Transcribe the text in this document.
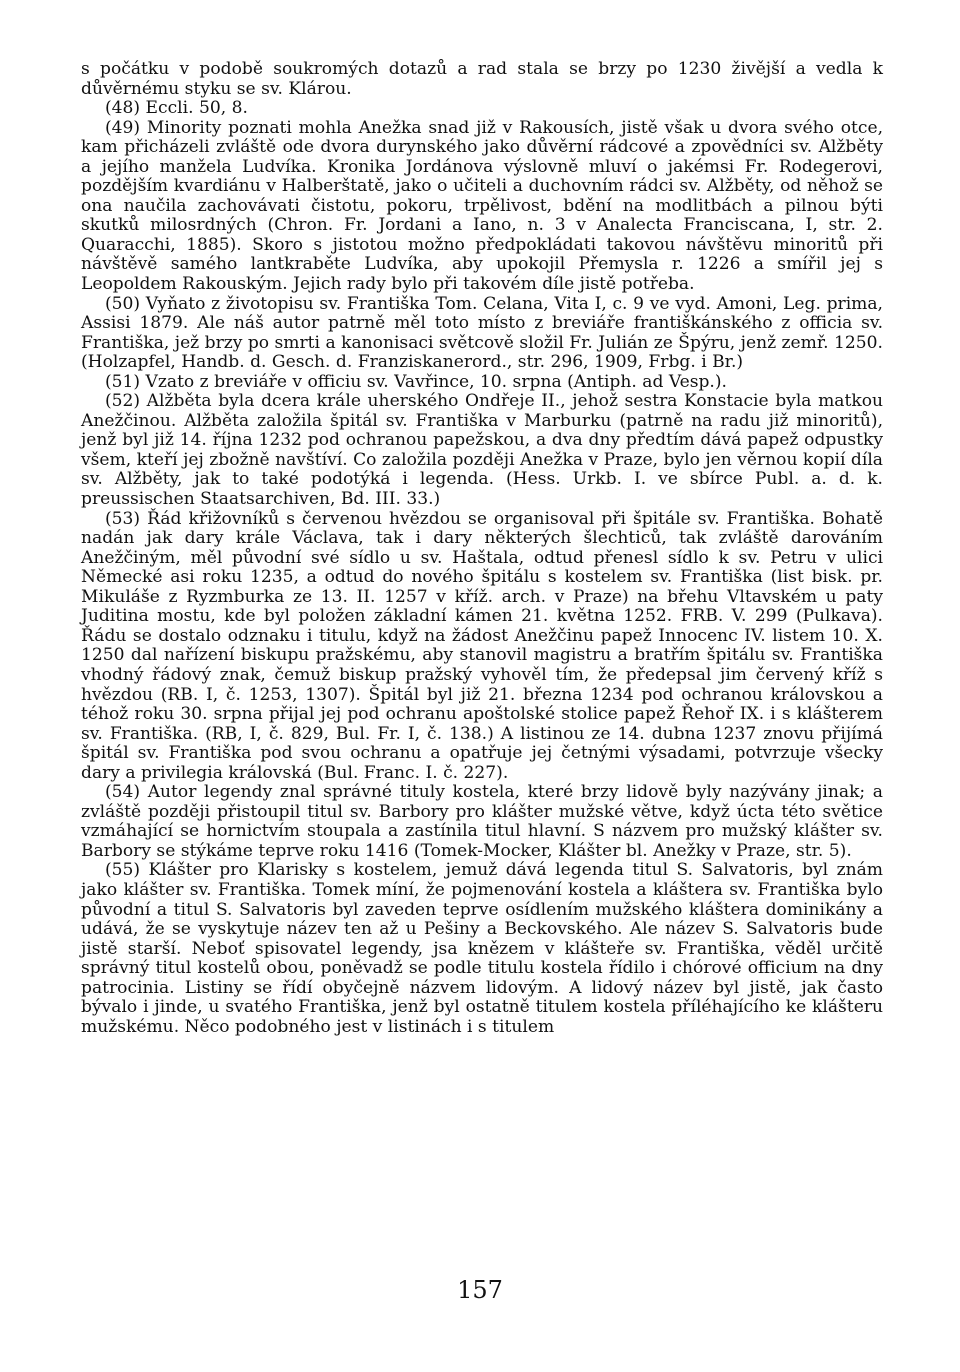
s počátku v podobě soukromých dotazů a rad stala se brzy po 1230 živější a vedla k důvěrnému styku se sv. Klárou.

(48) Eccli. 50, 8.

(49) Minority poznati mohla Anežka snad již v Rakousích, jistě však u dvora svého otce, kam přicházeli zvláště ode dvora durynského jako důvěrní rádcové a zpovědníci sv. Alžběty a jejího manžela Ludvíka. Kronika Jordánova výslovně mluví o jakémsi Fr. Rodegerovi, pozdějším kvardiánu v Halberštatě, jako o učiteli a duchovním rádci sv. Alžběty, od něhož se ona naučila zachovávati čistotu, pokoru, trpělivost, bdění na modlitbách a pilnou býti skutků milosrdných (Chron. Fr. Jordani a Iano, n. 3 v Analecta Franciscana, I, str. 2. Quaracchi, 1885). Skoro s jistotou možno předpokládati takovou návštěvu minoritů při návštěvě samého lantkraběte Ludvíka, aby upokojil Přemysla r. 1226 a smířil jej s Leopoldem Rakouským. Jejich rady bylo při takovém díle jistě potřeba.

(50) Vyňato z životopisu sv. Františka Tom. Celana, Vita I, c. 9 ve vyd. Amoni, Leg. prima, Assisi 1879. Ale náš autor patrně měl toto místo z breviáře františkánského z officia sv. Františka, jež brzy po smrti a kanonisaci světcově složil Fr. Julián ze Špýru, jenž zemř. 1250. (Holzapfel, Handb. d. Gesch. d. Franziskanerord., str. 296, 1909, Frbg. i Br.)

(51) Vzato z breviáře v officiu sv. Vavřince, 10. srpna (Antiph. ad Vesp.).

(52) Alžběta byla dcera krále uherského Ondřeje II., jehož sestra Konstacie byla matkou Anežčinou. Alžběta založila špitál sv. Františka v Marburku (patrně na radu již minoritů), jenž byl již 14. října 1232 pod ochranou papežskou, a dva dny předtím dává papež odpustky všem, kteří jej zbožně navštíví. Co založila později Anežka v Praze, bylo jen věrnou kopií díla sv. Alžběty, jak to také podotýká i legenda. (Hess. Urkb. I. ve sbírce Publ. a. d. k. preussischen Staatsarchiven, Bd. III. 33.)

(53) Řád křižovníků s červenou hvězdou se organisoval při špitále sv. Františka. Bohatě nadán jak dary krále Václava, tak i dary některých šlechticů, tak zvláště darováním Anežčiným, měl původní své sídlo u sv. Haštala, odtud přenesl sídlo k sv. Petru v ulici Německé asi roku 1235, a odtud do nového špitálu s kostelem sv. Františka (list bisk. pr. Mikuláše z Ryzmburka ze 13. II. 1257 v kříž. arch. v Praze) na břehu Vltavském u paty Juditina mostu, kde byl položen základní kámen 21. května 1252. FRB. V. 299 (Pulkava). Řádu se dostalo odznaku i titulu, když na žádost Anežčinu papež Innocenc IV. listem 10. X. 1250 dal nařízení biskupu pražskému, aby stanovil magistru a bratřím špitálu sv. Františka vhodný řádový znak, čemuž biskup pražský vyhověl tím, že předepsal jim červený kříž s hvězdou (RB. I, č. 1253, 1307). Špitál byl již 21. března 1234 pod ochranou královskou a téhož roku 30. srpna přijal jej pod ochranu apoštolské stolice papež Řehoř IX. i s klášterem sv. Františka. (RB, I, č. 829, Bul. Fr. I, č. 138.) A listinou ze 14. dubna 1237 znovu přijímá špitál sv. Františka pod svou ochranu a opatřuje jej četnými výsadami, potvrzuje všecky dary a privilegia královská (Bul. Franc. I. č. 227).

(54) Autor legendy znal správné tituly kostela, které brzy lidově byly nazývány jinak; a zvláště později přistoupil titul sv. Barbory pro klášter mužské větve, když úcta této světice vzmáhající se hornictvím stoupala a zastínila titul hlavní. S názvem pro mužský klášter sv. Barbory se stýkáme teprve roku 1416 (Tomek-Mocker, Klášter bl. Anežky v Praze, str. 5).

(55) Klášter pro Klarisky s kostelem, jemuž dává legenda titul S. Salvatoris, byl znám jako klášter sv. Františka. Tomek míní, že pojmenování kostela a kláštera sv. Františka bylo původní a titul S. Salvatoris byl zaveden teprve osídlením mužského kláštera dominikány a udává, že se vyskytuje název ten až u Pešiny a Beckovského. Ale název S. Salvatoris bude jistě starší. Neboť spisovatel legendy, jsa knězem v klášteře sv. Františka, věděl určitě správný titul kostelů obou, poněvadž se podle titulu kostela řídilo i chórové officium na dny patrocinia. Listiny se řídí obyčejně názvem lidovým. A lidový název byl jistě, jak často bývalo i jinde, u svatého Františka, jenž byl ostatně titulem kostela příléhajícího ke klášteru mužskému. Něco podobného jest v listinách i s titulem

157
